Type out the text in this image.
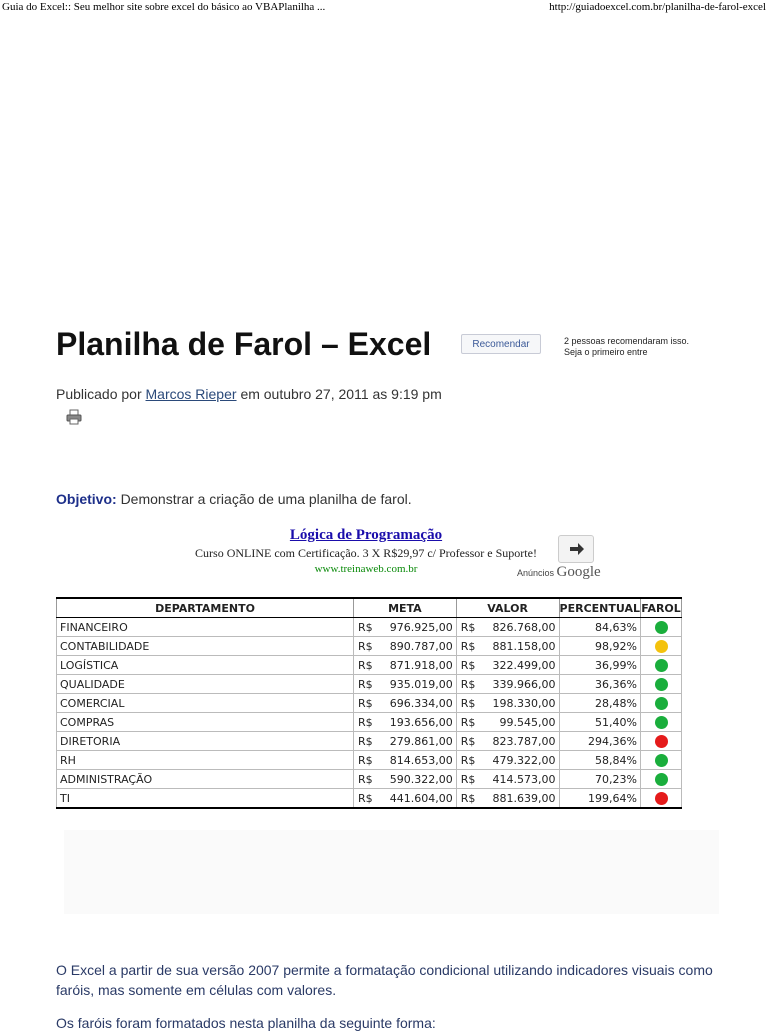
Guia do Excel:: Seu melhor site sobre excel do básico ao VBAPlanilha ...	http://guiadoexcel.com.br/planilha-de-farol-excel
Planilha de Farol – Excel	Recomendar	2 pessoas recomendaram isso. Seja o primeiro entre
Publicado por Marcos Rieper em outubro 27, 2011 as 9:19 pm
Objetivo: Demonstrar a criação de uma planilha de farol.
Lógica de Programação
Curso ONLINE com Certificação. 3 X R$29,97 c/ Professor e Suporte!
www.treinaweb.com.br	Anúncios Google
DEPARTAMENTO	META		VALOR		PERCENTUAL	FAROL
FINANCEIRO	R$	976.925,00	R$	826.768,00	84,63%	
CONTABILIDADE	R$	890.787,00	R$	881.158,00	98,92%	
LOGÍSTICA	R$	871.918,00	R$	322.499,00	36,99%	
QUALIDADE	R$	935.019,00	R$	339.966,00	36,36%	
COMERCIAL	R$	696.334,00	R$	198.330,00	28,48%	
COMPRAS	R$	193.656,00	R$	99.545,00	51,40%	
DIRETORIA	R$	279.861,00	R$	823.787,00	294,36%	
RH	R$	814.653,00	R$	479.322,00	58,84%	
ADMINISTRAÇÃO	R$	590.322,00	R$	414.573,00	70,23%	
TI	R$	441.604,00	R$	881.639,00	199,64%	

O Excel a partir de sua versão 2007 permite a formatação condicional utilizando indicadores visuais como faróis, mas somente em células com valores.

Os faróis foram formatados nesta planilha da seguinte forma:
